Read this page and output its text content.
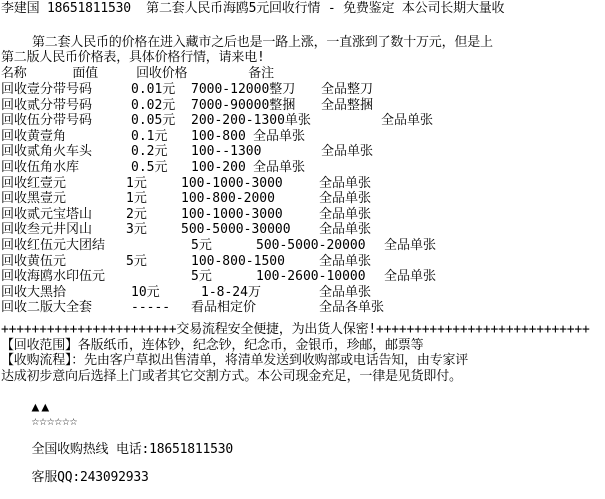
李建国 18651811530  第二套人民币海鸥5元回收行情 - 免费鉴定 本公司长期大量收
第二套人民币的价格在进入藏市之后也是一路上涨，一直涨到了数十万元，但是上
第二版人民币价格表，具体价格行情，请来电!
名称      面值     回收价格        备注
回收壹分带号码	0.01元 7000-12000整刀 全品整刀
回收贰分带号码	0.02元 7000-90000整捆 全品整捆
回收伍分带号码	0.05元 200-200-1300单张	全品单张
回收黄壹角	0.1元 100-800 全品单张
回收贰角火车头	0.2元 100--1300	全品单张
回收伍角水库	0.5元 100-200 全品单张
回收红壹元	1元	100-1000-3000	全品单张
回收黑壹元	1元	100-800-2000	全品单张
回收贰元宝塔山	2元	100-1000-3000	全品单张
回收叁元井冈山	3元	500-5000-30000 全品单张
回收红伍元大团结	5元	500-5000-20000 全品单张
回收黄伍元	5元	100-800-1500	全品单张
回收海鸥水印伍元	5元	100-2600-10000 全品单张
回收大黑拾	10元	1-8-24万	全品单张
回收二版大全套	----- 看品相定价	全品各单张
+++++++++++++++++++++++交易流程安全便捷，为出货人保密!++++++++++++++++++++++++++++
【回收范围】各版纸币，连体钞，纪念钞，纪念币，金银币，珍邮，邮票等
【收购流程】：先由客户草拟出售清单，将清单发送到收购部或电话告知，由专家评
达成初步意向后选择上门或者其它交割方式。本公司现金充足，一律是见货即付。

▲▲
☆☆☆☆☆☆

全国收购热线 电话:18651811530

客服QQ:243092933
